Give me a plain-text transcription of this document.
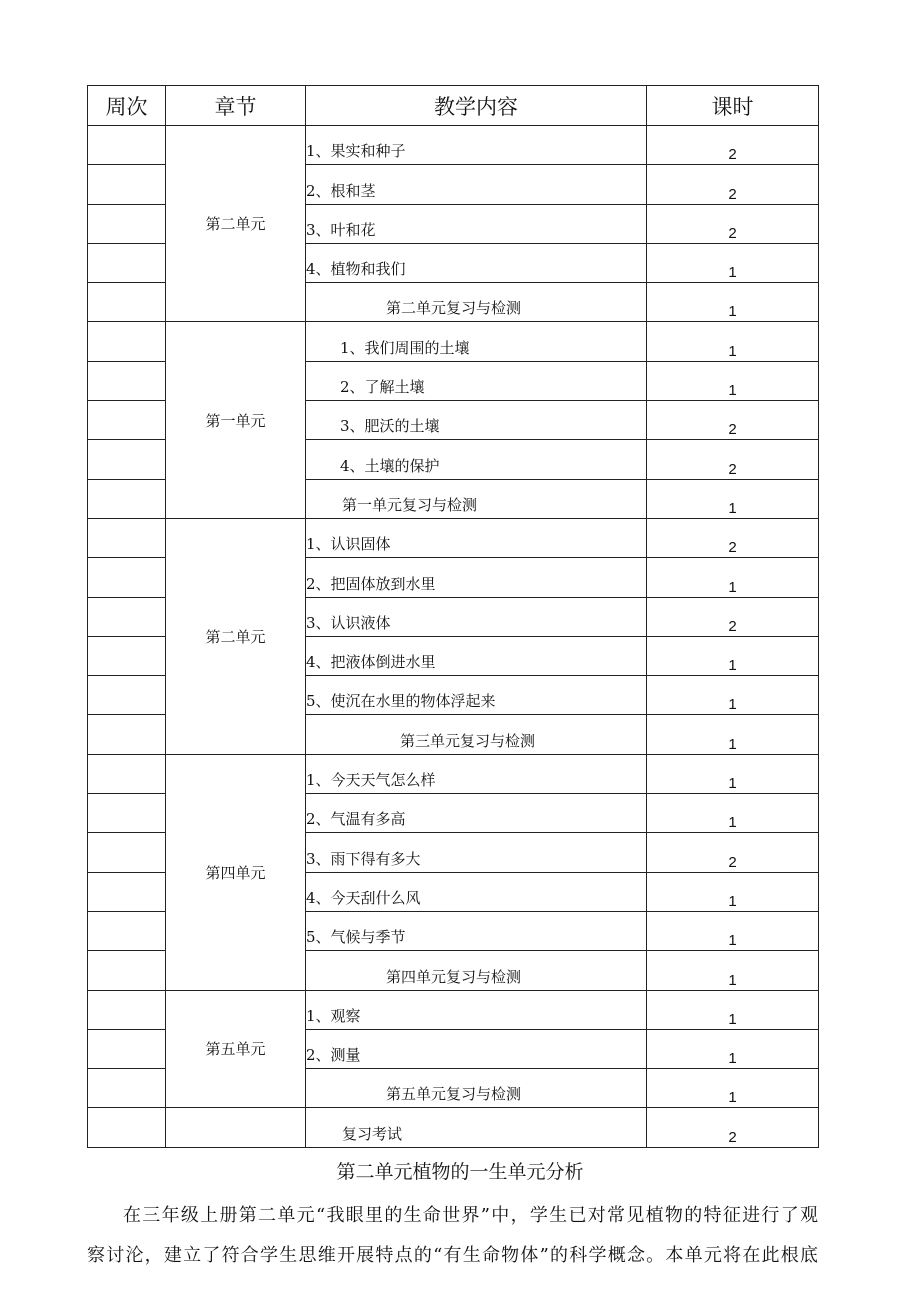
周次	章节	教学内容	课时
	第二单元	1、果实和种子	2
		2、根和茎	2
		3、叶和花	2
		4、植物和我们	1
		第二单元复习与检测	1
	第一单元	1、我们周围的土壤	1
		2、了解土壤	1
		3、肥沃的土壤	2
		4、土壤的保护	2
		第一单元复习与检测	1
	第二单元	1、认识固体	2
		2、把固体放到水里	1
		3、认识液体	2
		4、把液体倒进水里	1
		5、使沉在水里的物体浮起来	1
		第三单元复习与检测	1
	第四单元	1、今天天气怎么样	1
		2、气温有多高	1
		3、雨下得有多大	2
		4、今天刮什么风	1
		5、气候与季节	1
		第四单元复习与检测	1
	第五单元	1、观察	1
		2、测量	1
		第五单元复习与检测	1
		复习考试	2
第二单元植物的一生单元分析
在三年级上册第二单元“我眼里的生命世界”中，学生已对常见植物的特征进行了观
察讨沦，建立了符合学生思维开展特点的“有生命物体”的科学概念。本单元将在此根底
